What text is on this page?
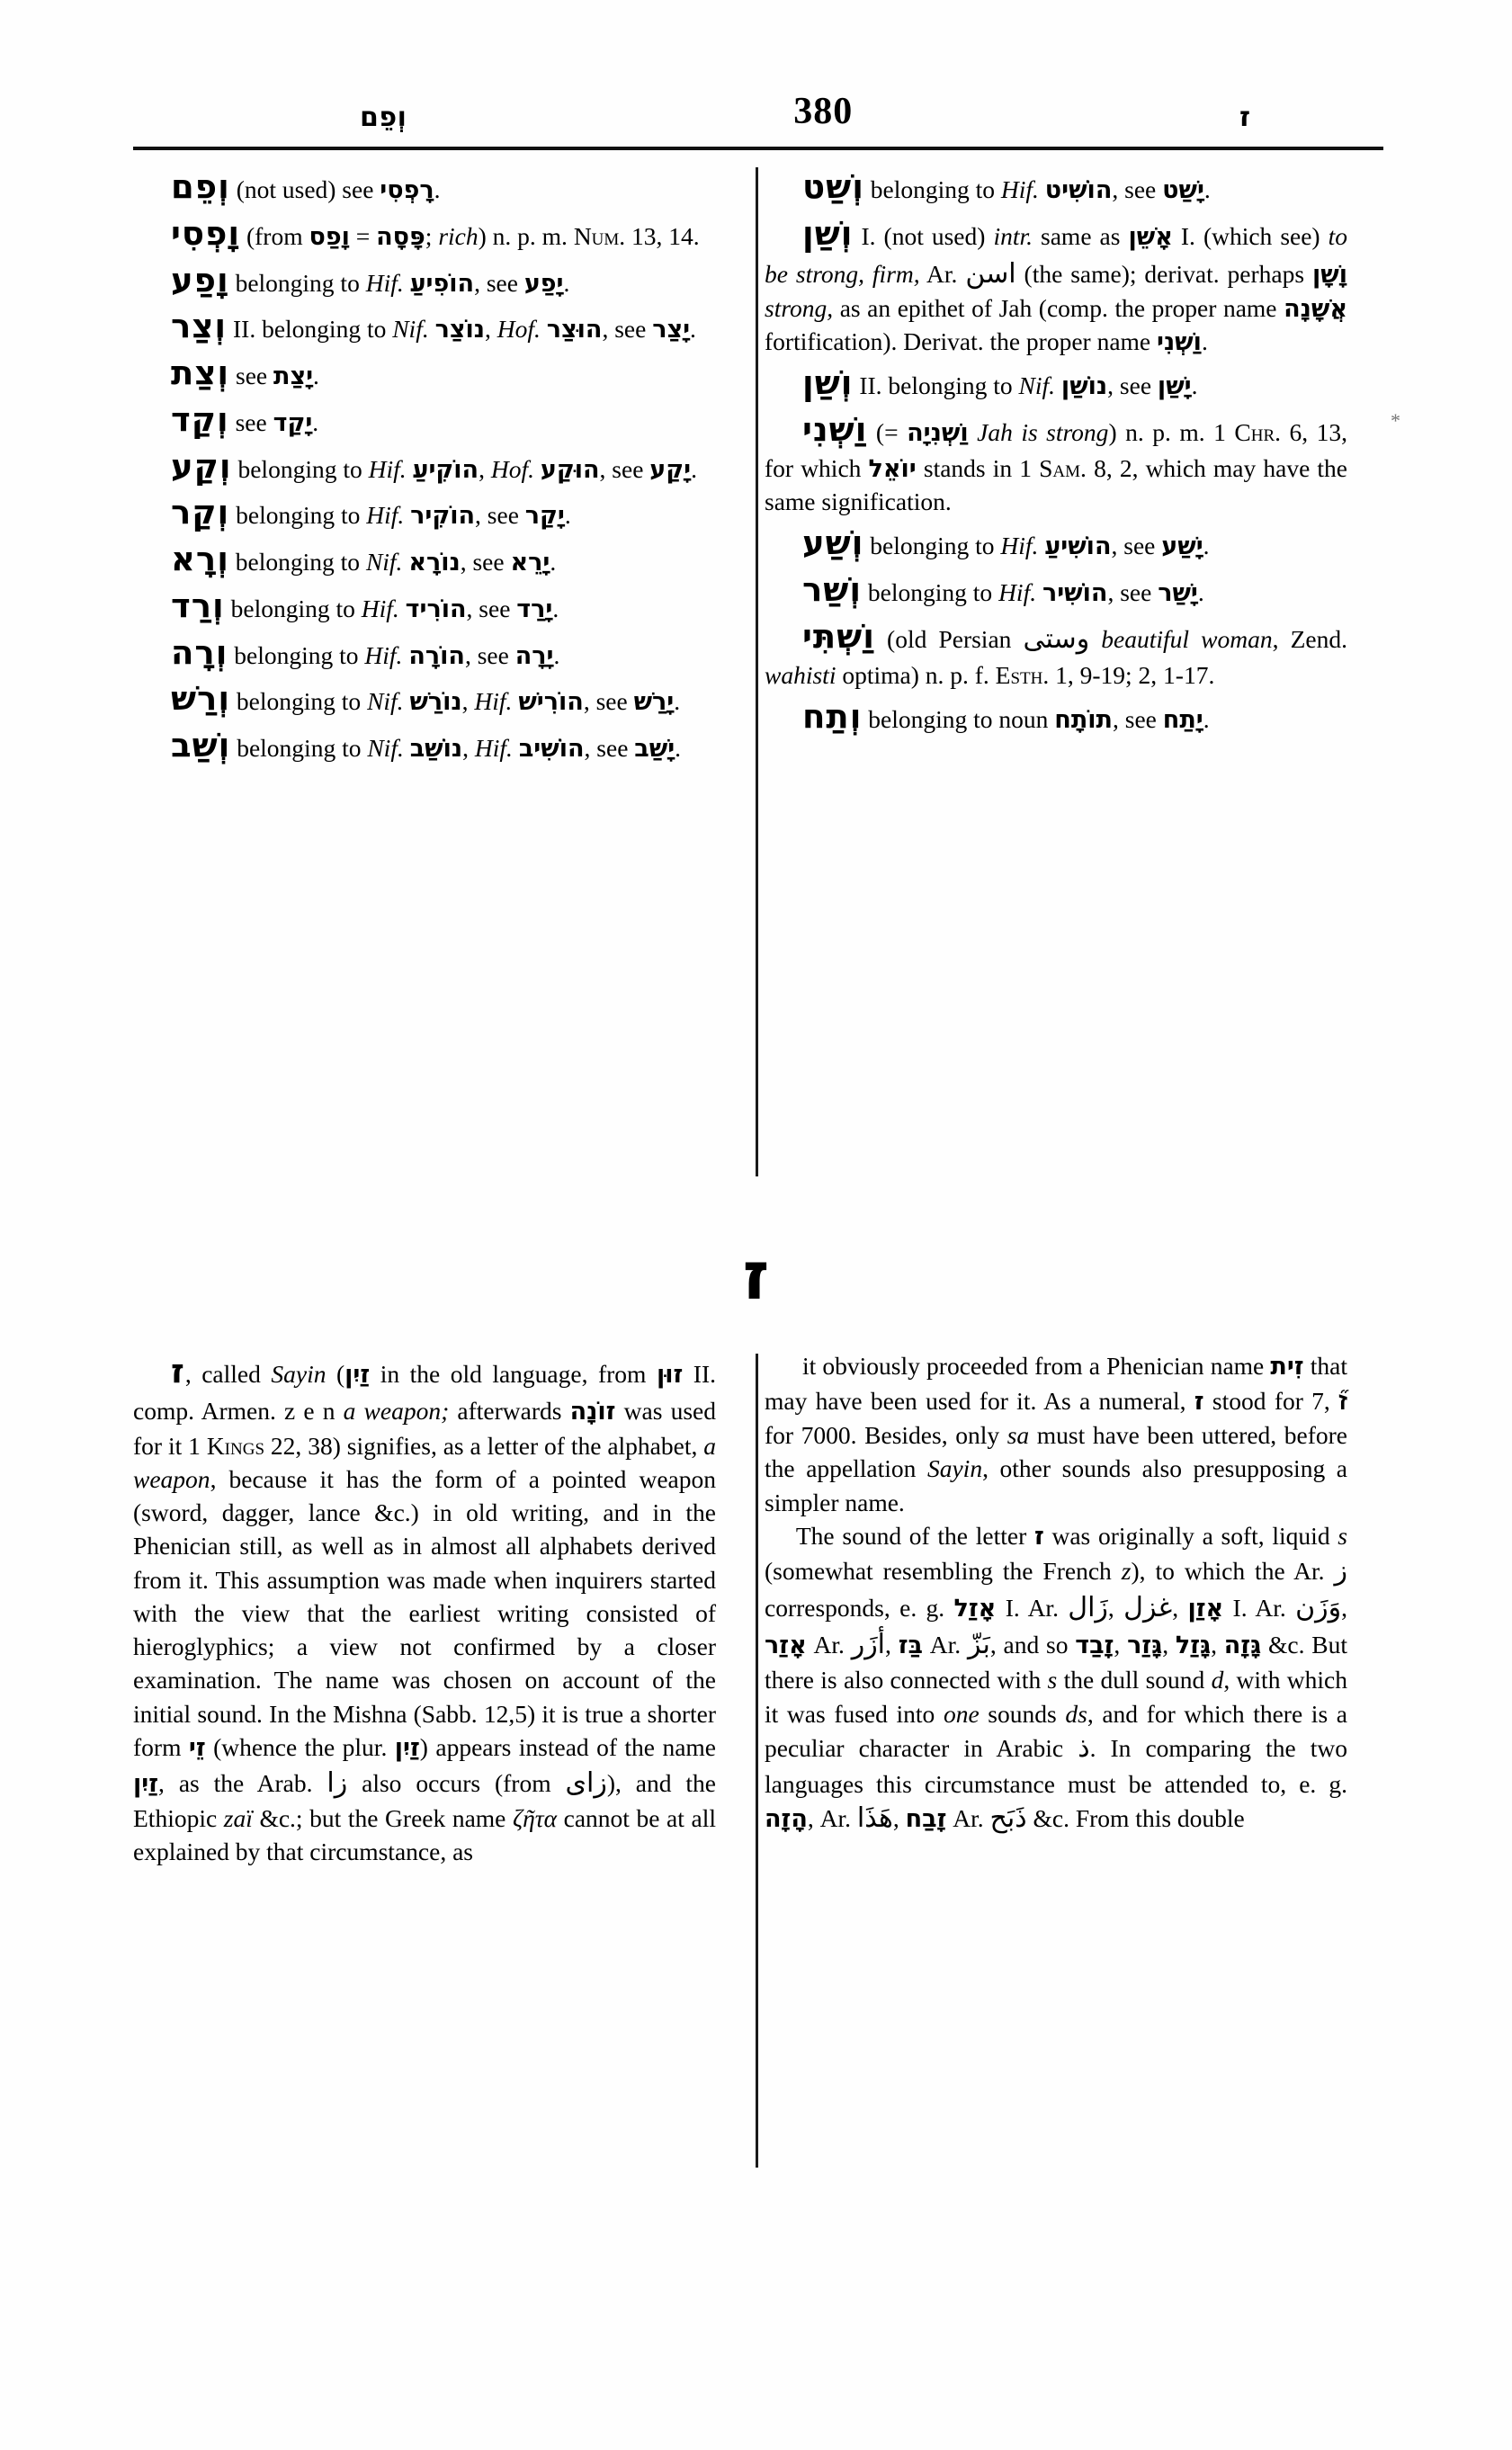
וְפֵם	380	ז
*

וְפֵם (not used) see רָפְסִי.

וָפְסִי (from וָפַס = פָּסָה; rich) n. p. m. Num. 13, 14.

וָפַע belonging to Hif. הוֹפִיעַ, see יָפַע.

וְצַר II. belonging to Nif. נוֹצַר, Hof. הוּצַר, see יָצַר.

וְצַת see יָצַת.

וְקַד see יָקַד.

וְקַע belonging to Hif. הוֹקִיעַ, Hof. הוּקַע, see יָקַע.

וְקַר belonging to Hif. הוֹקִיר, see יָקַר.

וְרָא belonging to Nif. נוֹרָא, see יָרֵא.

וְרַד belonging to Hif. הוֹרִיד, see יָרַד.

וְרָה belonging to Hif. הוֹרָה, see יָרָה.

וְרַשׁ belonging to Nif. נוֹרַשׁ, Hif. הוֹרִישׁ, see יָרַשׁ.

וְשַׁב belonging to Nif. נוֹשַׁב, Hif. הוֹשִׁיב, see יָשַׁב.

וְשַׁט belonging to Hif. הוֹשִׁיט, see יָשַׁט.

וְשַׁן I. (not used) intr. same as אָשֵׁן I. (which see) to be strong, firm, Ar. اسن (the same); derivat. perhaps וָשָׁן strong, as an epithet of Jah (comp. the proper name אֲשָׁנָה fortification). Derivat. the proper name וַשְׁנִי.

וְשַׁן II. belonging to Nif. נוֹשַׁן, see יָשַׁן.

וַשְׁנִי (= וַשְׁנִיָה Jah is strong) n. p. m. 1 Chr. 6, 13, for which יוֹאֵל stands in 1 Sam. 8, 2, which may have the same signification.

וְשַׁע belonging to Hif. הוֹשִׁיעַ, see יָשַׁע.

וְשַׁר belonging to Hif. הוֹשִׁיר, see יָשַׁר.

וַשְׁתִּי (old Persian وستى beautiful woman, Zend. wahisti optima) n. p. f. Esth. 1, 9-19; 2, 1-17.

וְתַח belonging to noun תוֹתָח, see יָתַח.

ז

ז, called Sayin (זַיִן in the old language, from זוּן II. comp. Armen. z e n a weapon; afterwards זוֹנָה was used for it 1 Kings 22, 38) signifies, as a letter of the alphabet, a weapon, because it has the form of a pointed weapon (sword, dagger, lance &c.) in old writing, and in the Phenician still, as well as in almost all alphabets derived from it. This assumption was made when inquirers started with the view that the earliest writing consisted of hieroglyphics; a view not confirmed by a closer examination. The name was chosen on account of the initial sound. In the Mishna (Sabb. 12,5) it is true a shorter form זֵי (whence the plur. זַיִן) appears instead of the name זַיִן, as the Arab. زا also occurs (from زاى), and the Ethiopic zaï &c.; but the Greek name ζῆτα cannot be at all explained by that circumstance, as

it obviously proceeded from a Phenician name זִית that may have been used for it. As a numeral, ז stood for 7, ז֞ for 7000. Besides, only sa must have been uttered, before the appellation Sayin, other sounds also presupposing a simpler name.
The sound of the letter ז was originally a soft, liquid s (somewhat resembling the French z), to which the Ar. ز corresponds, e. g. אָזַל I. Ar. زَال, غزل, אָזַן I. Ar. وَزَن, אָזַר Ar. أزَر, בַּז Ar. بَزّ, and so זָבַד, גָּזַר, גָּזַל, גָּזָה &c. But there is also connected with s the dull sound d, with which it was fused into one sounds ds, and for which there is a peculiar character in Arabic ذ. In comparing the two languages this circumstance must be attended to, e. g. הָזָה, Ar. هَذَا, זָבַח Ar. ذَبَح &c. From this double
